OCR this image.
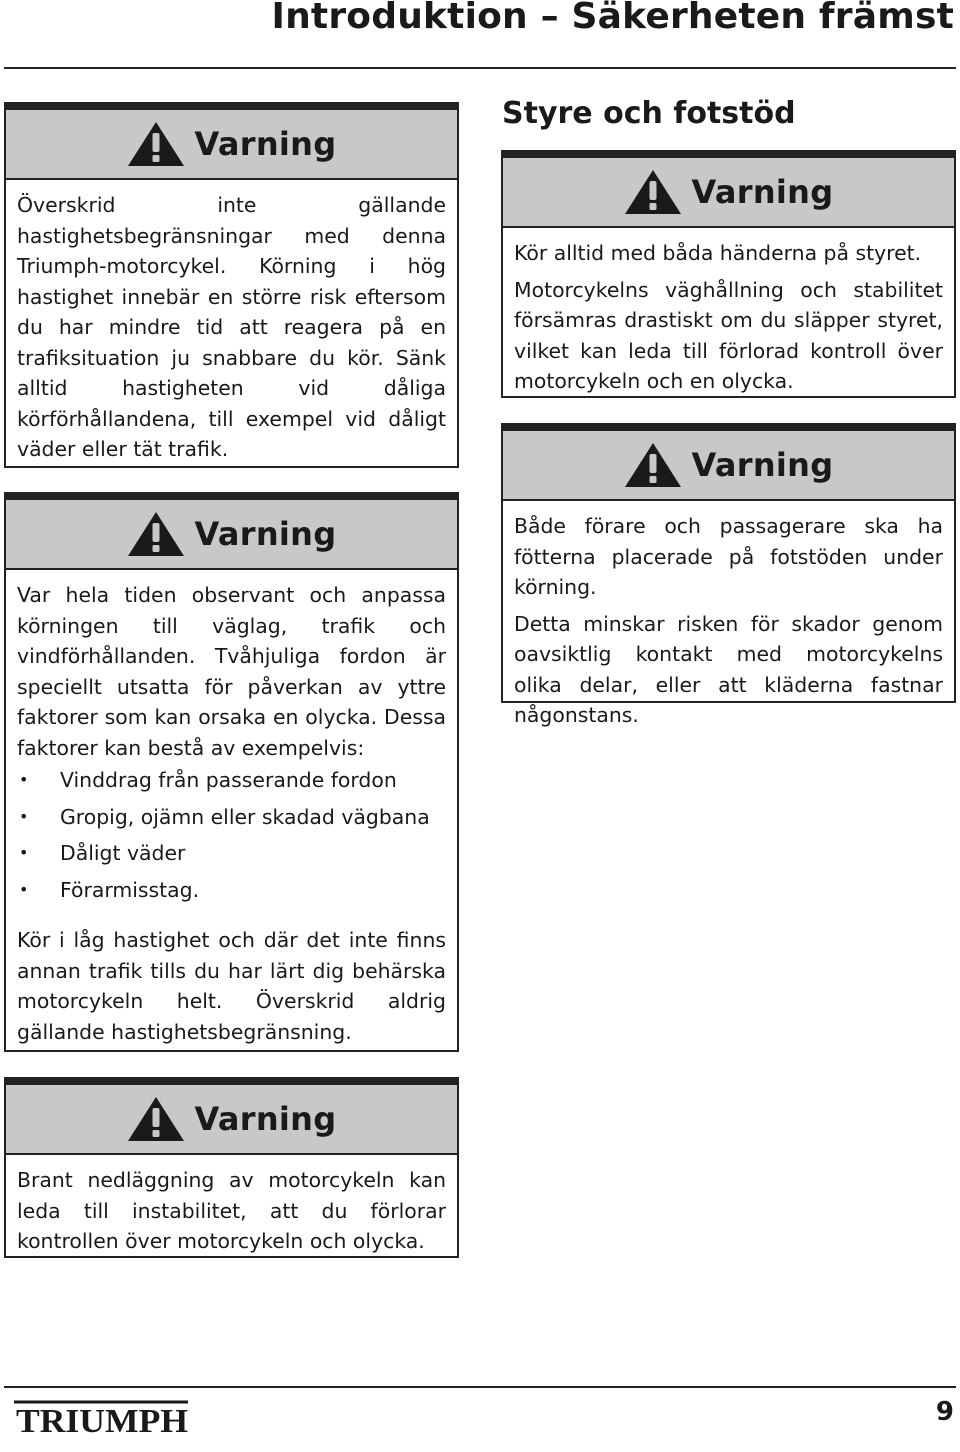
Introduktion – Säkerheten främst
Varning

Överskrid inte gällande hastighetsbegränsningar med denna Triumph-motorcykel. Körning i hög hastighet innebär en större risk eftersom du har mindre tid att reagera på en trafiksituation ju snabbare du kör. Sänk alltid hastigheten vid dåliga körförhållandena, till exempel vid dåligt väder eller tät trafik.

Varning

Var hela tiden observant och anpassa körningen till väglag, trafik och vindförhållanden. Tvåhjuliga fordon är speciellt utsatta för påverkan av yttre faktorer som kan orsaka en olycka. Dessa faktorer kan bestå av exempelvis:

• Vinddrag från passerande fordon
• Gropig, ojämn eller skadad vägbana
• Dåligt väder
• Förarmisstag.

Kör i låg hastighet och där det inte finns annan trafik tills du har lärt dig behärska motorcykeln helt. Överskrid aldrig gällande hastighetsbegränsning.

Varning

Brant nedläggning av motorcykeln kan leda till instabilitet, att du förlorar kontrollen över motorcykeln och olycka.

Styre och fotstöd
Varning

Kör alltid med båda händerna på styret.

Motorcykelns väghållning och stabilitet försämras drastiskt om du släpper styret, vilket kan leda till förlorad kontroll över motorcykeln och en olycka.

Varning

Både förare och passagerare ska ha fötterna placerade på fotstöden under körning.

Detta minskar risken för skador genom oavsiktlig kontakt med motorcykelns olika delar, eller att kläderna fastnar någonstans.

TRIUMPH	9
